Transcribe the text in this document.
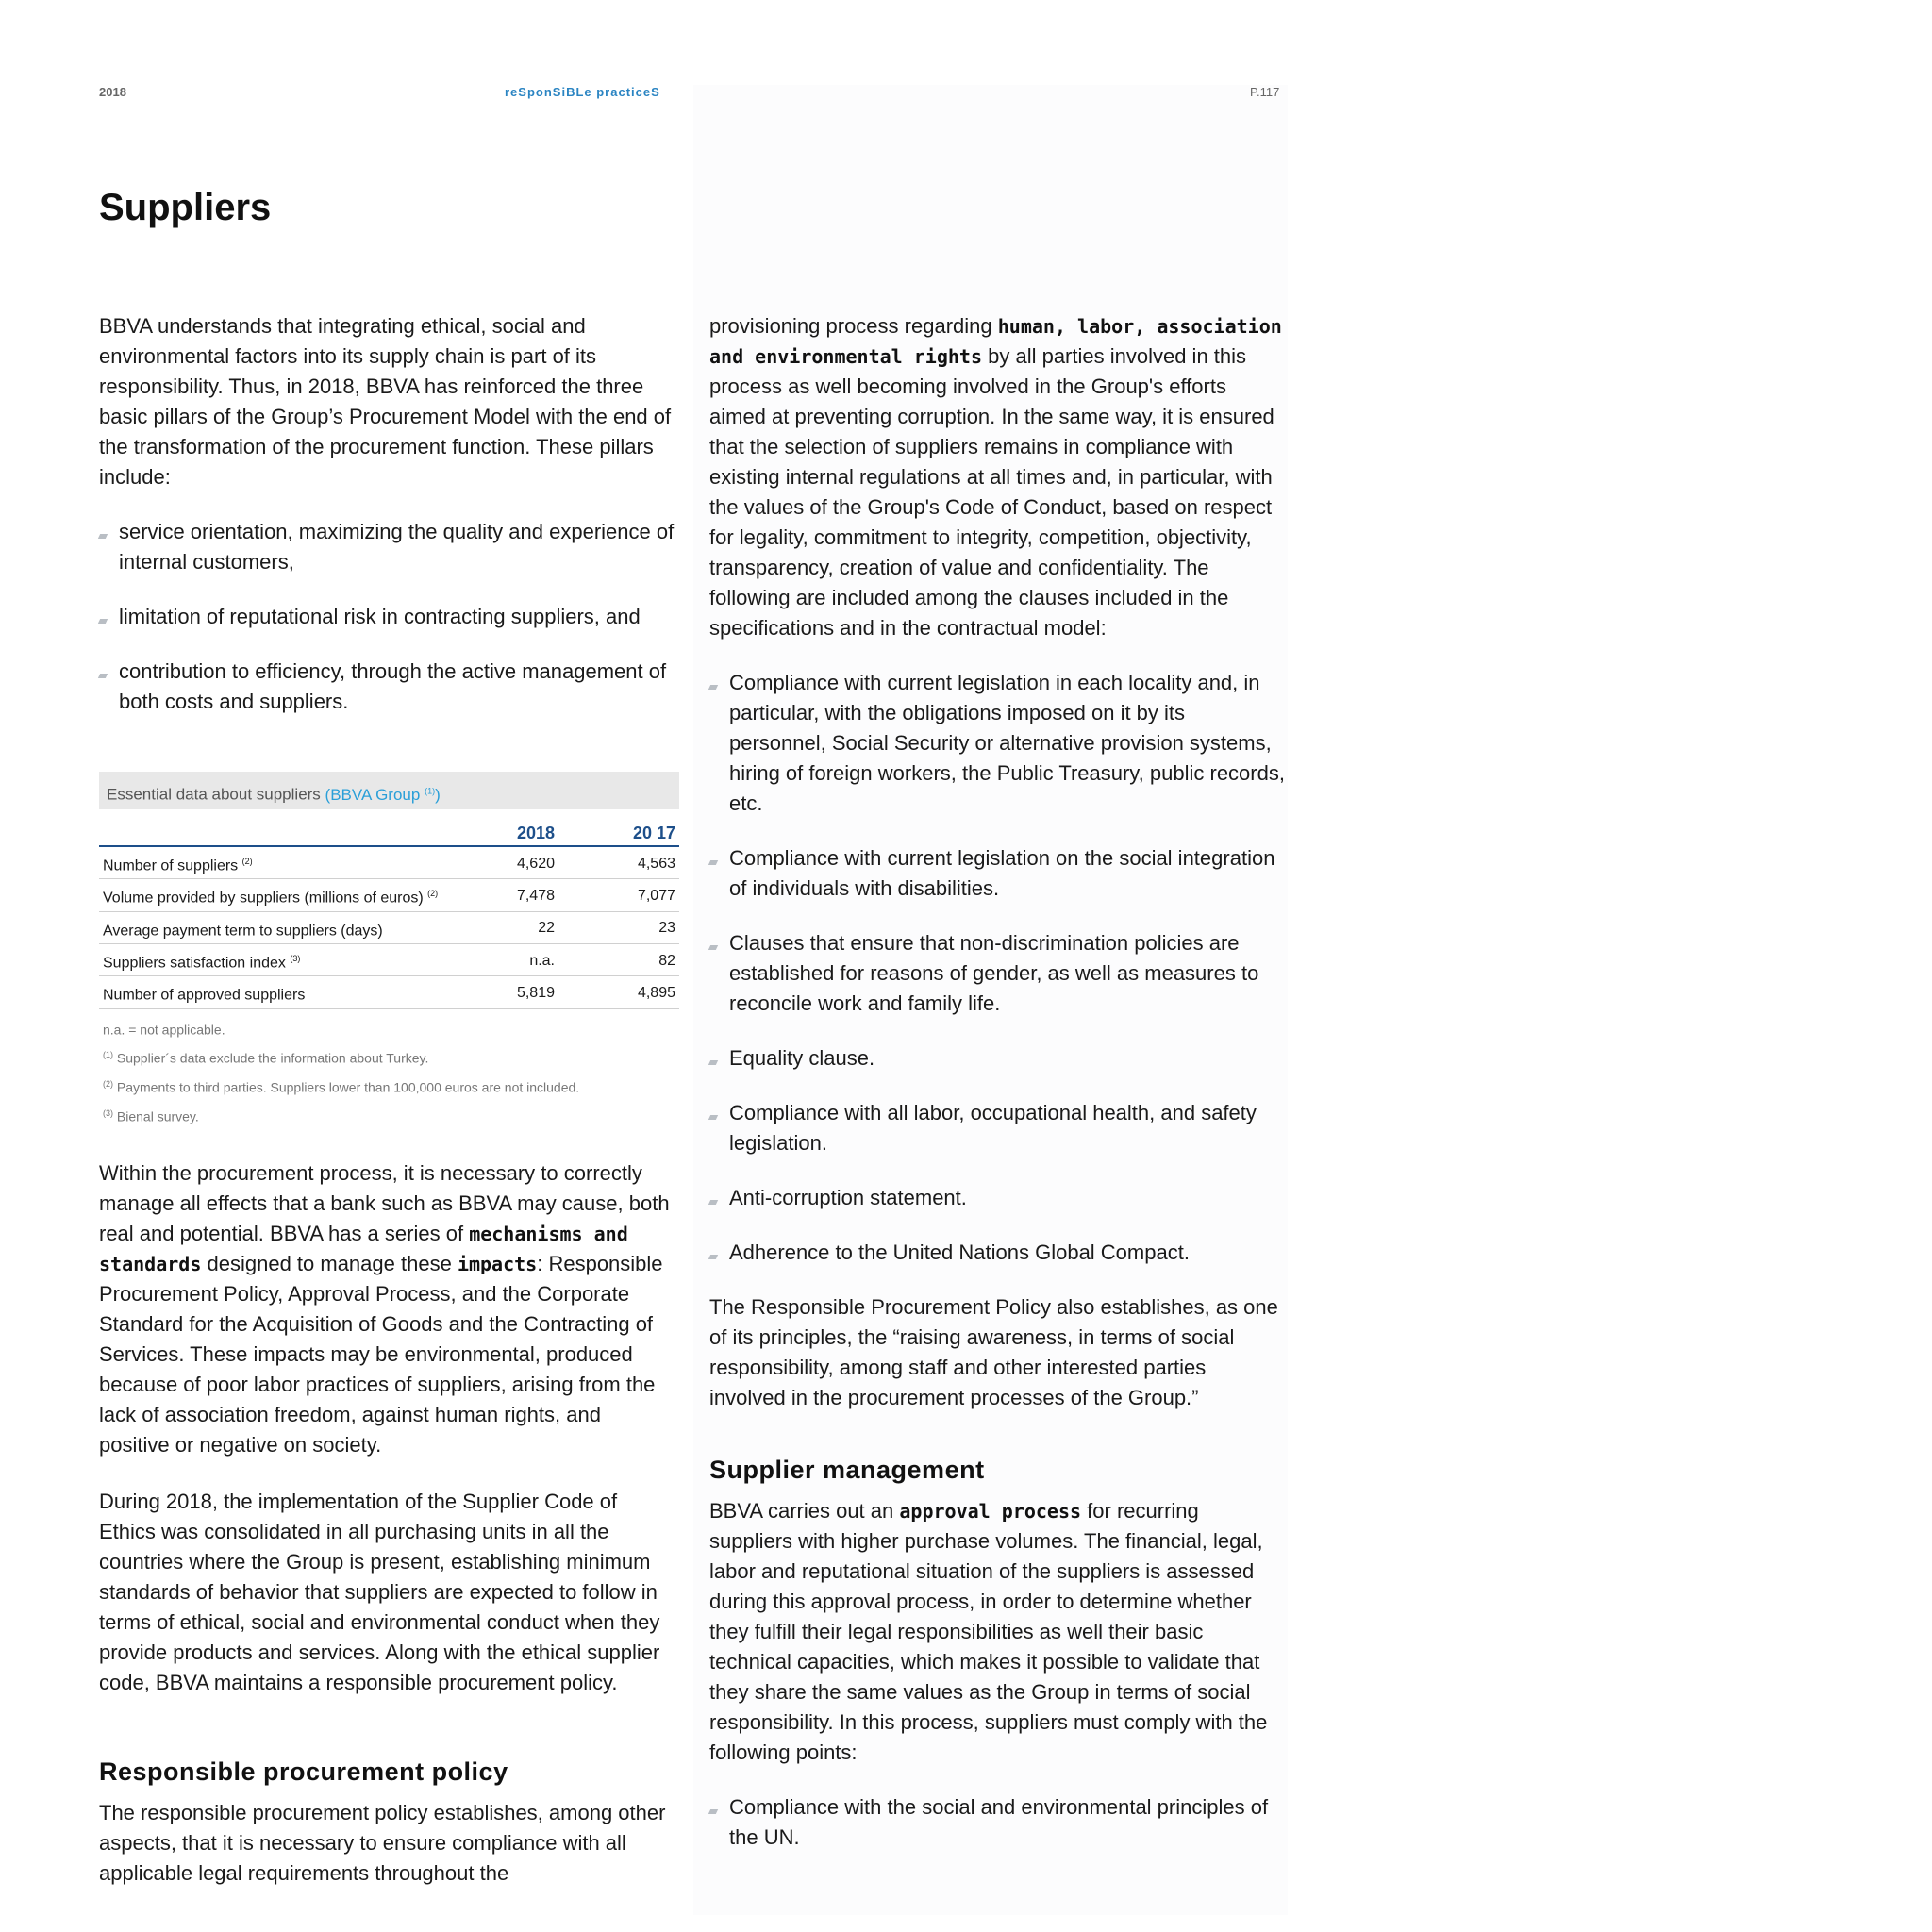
2018	reSponSiBLe practiceS	P.117
Suppliers

BBVA understands that integrating ethical, social and environmental factors into its supply chain is part of its responsibility. Thus, in 2018, BBVA has reinforced the three basic pillars of the Group’s Procurement Model with the end of the transformation of the procurement function. These pillars include:

service orientation, maximizing the quality and experience of internal customers,
limitation of reputational risk in contracting suppliers, and
contribution to efficiency, through the active management of both costs and suppliers.
Essential data about suppliers (BBVA Group $^{(1)}$)
	2018	20 17
Number of suppliers $^{(2)}$	4,620	4,563
Volume provided by suppliers (millions of euros) $^{(2)}$	7,478	7,077
Average payment term to suppliers (days)	22	23
Suppliers satisfaction index $^{(3)}$	n.a.	82
Number of approved suppliers	5,819	4,895
n.a. = not applicable.
$^{(1)}$ Supplier´s data exclude the information about Turkey.
$^{(2)}$ Payments to third parties. Suppliers lower than 100,000 euros are not included.
$^{(3)}$ Bienal survey.

Within the procurement process, it is necessary to correctly manage all effects that a bank such as BBVA may cause, both real and potential. BBVA has a series of mechanisms and standards designed to manage these impacts: Responsible Procurement Policy, Approval Process, and the Corporate Standard for the Acquisition of Goods and the Contracting of Services. These impacts may be environmental, produced because of poor labor practices of suppliers, arising from the lack of association freedom, against human rights, and positive or negative on society.

During 2018, the implementation of the Supplier Code of Ethics was consolidated in all purchasing units in all the countries where the Group is present, establishing minimum standards of behavior that suppliers are expected to follow in terms of ethical, social and environmental conduct when they provide products and services. Along with the ethical supplier code, BBVA maintains a responsible procurement policy.

Responsible procurement policy

The responsible procurement policy establishes, among other aspects, that it is necessary to ensure compliance with all applicable legal requirements throughout the

provisioning process regarding human, labor, association and environmental rights by all parties involved in this process as well becoming involved in the Group's efforts aimed at preventing corruption. In the same way, it is ensured that the selection of suppliers remains in compliance with existing internal regulations at all times and, in particular, with the values of the Group's Code of Conduct, based on respect for legality, commitment to integrity, competition, objectivity, transparency, creation of value and confidentiality. The following are included among the clauses included in the specifications and in the contractual model:

Compliance with current legislation in each locality and, in particular, with the obligations imposed on it by its personnel, Social Security or alternative provision systems, hiring of foreign workers, the Public Treasury, public records, etc.
Compliance with current legislation on the social integration of individuals with disabilities.
Clauses that ensure that non-discrimination policies are established for reasons of gender, as well as measures to reconcile work and family life.
Equality clause.
Compliance with all labor, occupational health, and safety legislation.
Anti-corruption statement.
Adherence to the United Nations Global Compact.

The Responsible Procurement Policy also establishes, as one of its principles, the “raising awareness, in terms of social responsibility, among staff and other interested parties involved in the procurement processes of the Group.”

Supplier management

BBVA carries out an approval process for recurring suppliers with higher purchase volumes. The financial, legal, labor and reputational situation of the suppliers is assessed during this approval process, in order to determine whether they fulfill their legal responsibilities as well their basic technical capacities, which makes it possible to validate that they share the same values as the Group in terms of social responsibility. In this process, suppliers must comply with the following points:

Compliance with the social and environmental principles of the UN.
